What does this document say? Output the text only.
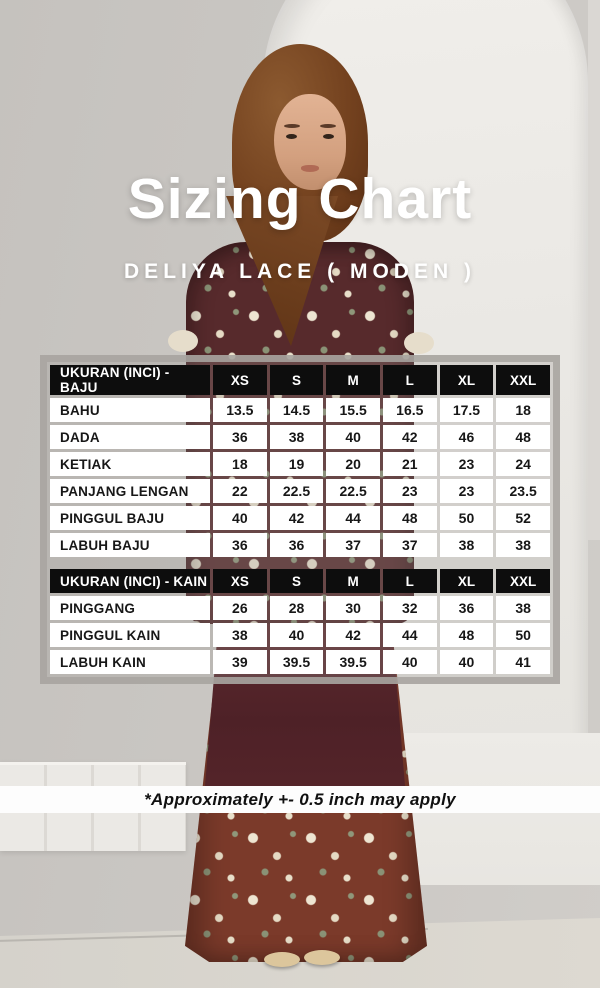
Sizing Chart
DELIYA LACE ( MODEN )
UKURAN (INCI) - BAJU	XS	S	M	L	XL	XXL
BAHU	13.5	14.5	15.5	16.5	17.5	18
DADA	36	38	40	42	46	48
KETIAK	18	19	20	21	23	24
PANJANG LENGAN	22	22.5	22.5	23	23	23.5
PINGGUL BAJU	40	42	44	48	50	52
LABUH BAJU	36	36	37	37	38	38
UKURAN (INCI) - KAIN	XS	S	M	L	XL	XXL
PINGGANG	26	28	30	32	36	38
PINGGUL KAIN	38	40	42	44	48	50
LABUH KAIN	39	39.5	39.5	40	40	41
*Approximately +- 0.5 inch may apply
